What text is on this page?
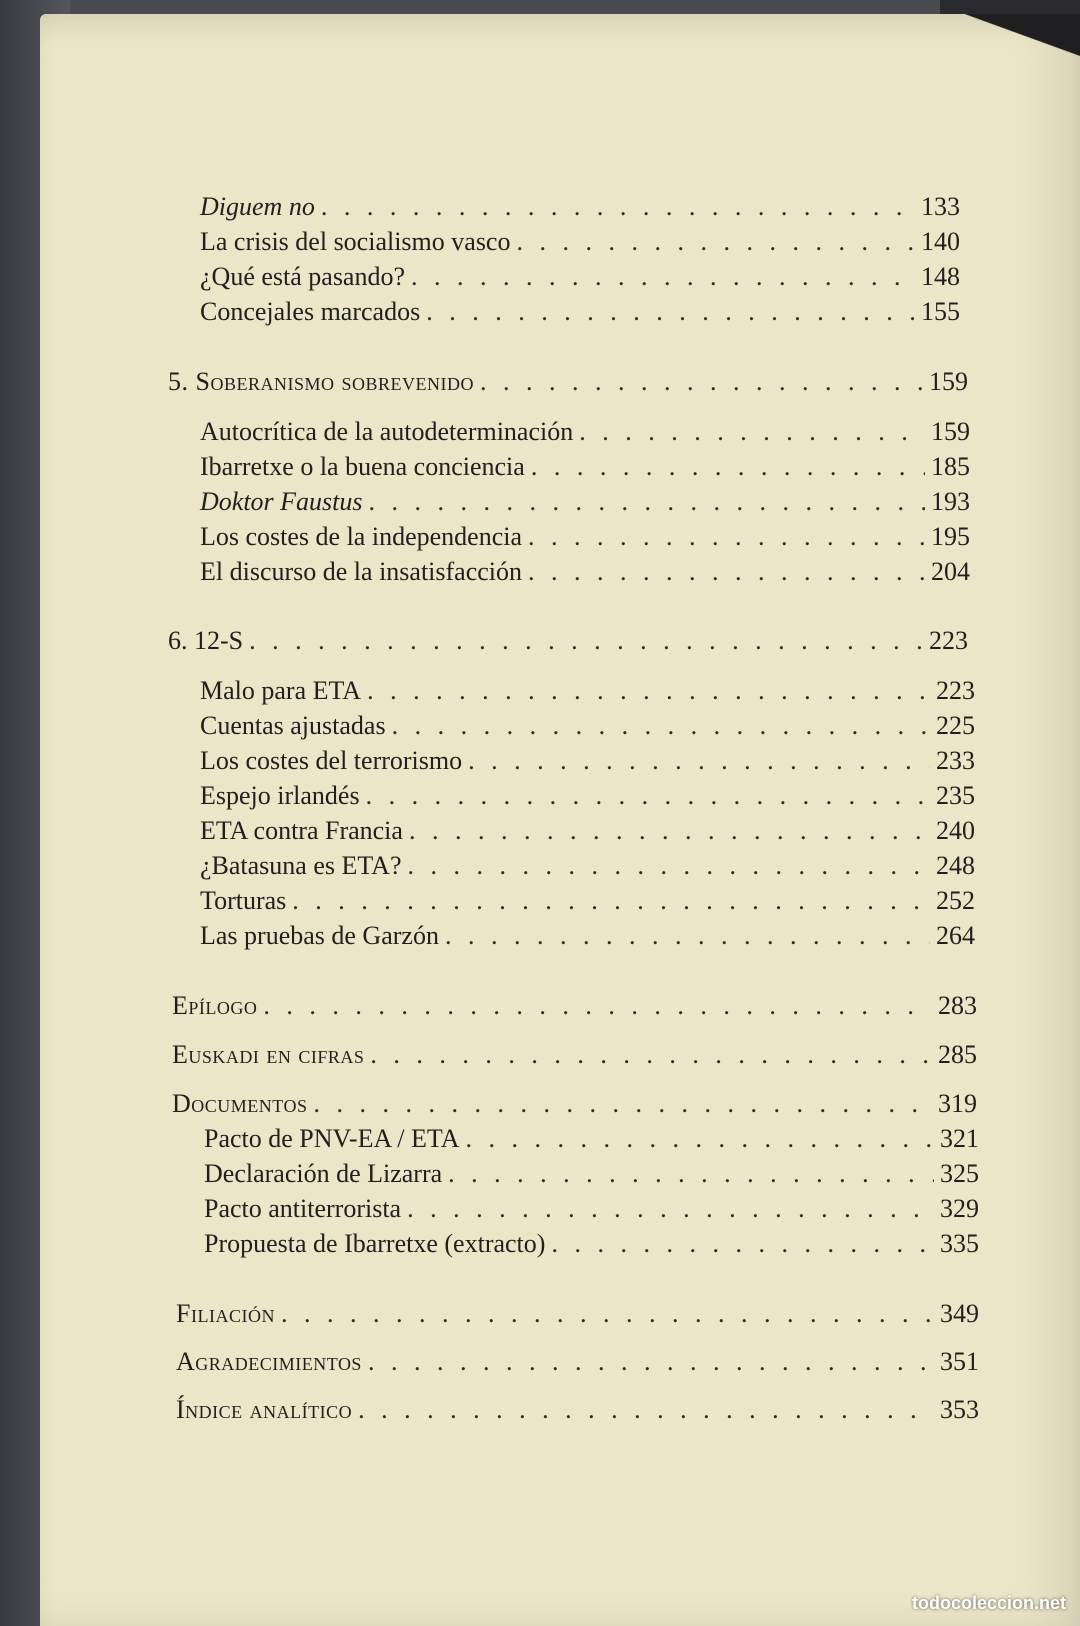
Diguem no . . .	133
La crisis del socialismo vasco . . .	140
¿Qué está pasando? . . .	148
Concejales marcados . . .	155
5. Soberanismo sobrevenido . . .	159
Autocrítica de la autodeterminación . . .	159
Ibarretxe o la buena conciencia . . .	185
Doktor Faustus . . .	193
Los costes de la independencia . . .	195
El discurso de la insatisfacción . . .	204
6. 12-S . . .	223
Malo para ETA . . .	223
Cuentas ajustadas . . .	225
Los costes del terrorismo . . .	233
Espejo irlandés . . .	235
ETA contra Francia . . .	240
¿Batasuna es ETA? . . .	248
Torturas . . .	252
Las pruebas de Garzón . . .	264
Epílogo . . .	283
Euskadi en cifras . . .	285
Documentos . . .	319
Pacto de PNV-EA / ETA . . .	321
Declaración de Lizarra . . .	325
Pacto antiterrorista . . .	329
Propuesta de Ibarretxe (extracto) . . .	335
Filiación . . .	349
Agradecimientos . . .	351
Índice analítico . . .	353
todocoleccion.net
